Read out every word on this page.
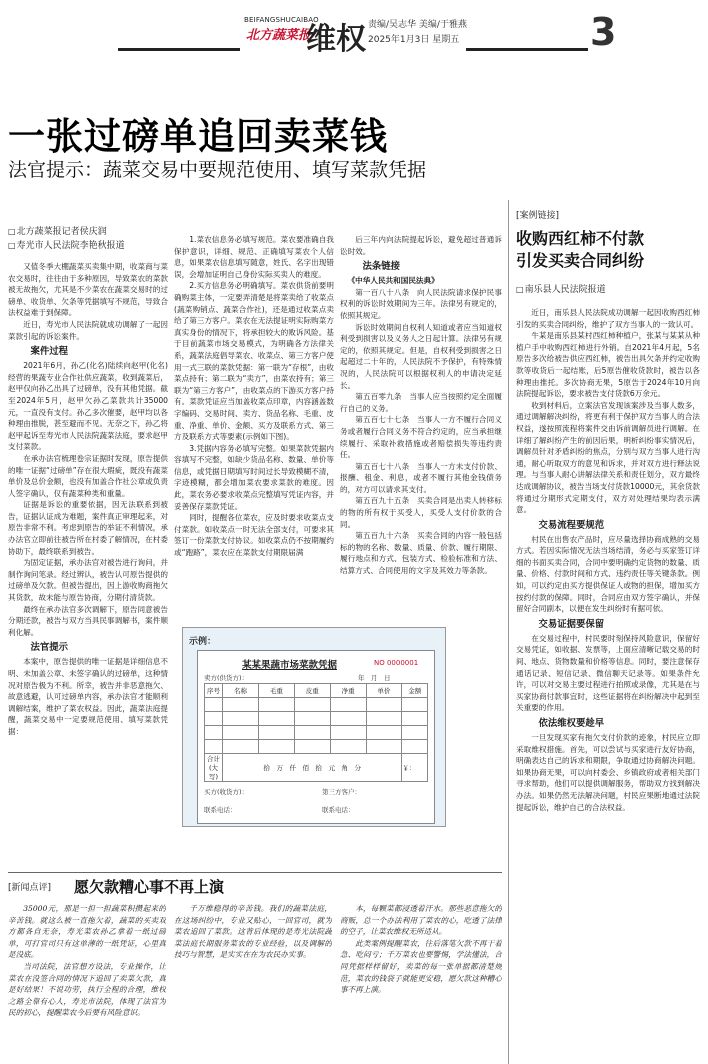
BEIFANGSHUCAIBAO
北方蔬菜报
维权 责编/吴志华 美编/于雅燕
2025年1月3日 星期五	3
一张过磅单追回卖菜钱
法官提示：蔬菜交易中要规范使用、填写菜款凭据
□ 北方蔬菜报记者侯庆润
□ 寿光市人民法院李艳秋报道

又值冬季大棚蔬菜买卖集中期，收菜商与菜农交易时，往往由于多种原因，导致菜农的菜款被无故拖欠，尤其是不少菜农在蔬菜交易时的过磅单、收货单、欠条等凭据填写不规范，导致合法权益难于到保障。

近日，寿光市人民法院就成功调解了一起因菜款引起的诉讼案件。

案件过程

2021年6月，孙乙(化名)陆续向赵甲(化名)经营的果蔬专业合作社供应蔬菜，收到蔬菜后，赵甲仅向孙乙出具了过磅单，没有其他凭据。截至2024年5月，赵甲欠孙乙菜款共计35000元，一直没有支付。孙乙多次催要，赵甲均以各种理由推脱，甚至避而不见。无奈之下，孙乙将赵甲起诉至寿光市人民法院蔬菜法庭，要求赵甲支付菜款。

在承办法官梳理卷宗证据时发现，原告提供的唯一证据“过磅单”存在很大瑕疵，既没有蔬菜单价及总价金额，也没有加盖合作社公章或负责人签字确认，仅有蔬菜种类和重量。

证据是诉讼的重要依据，因无法联系到被告，证据认证成为难题，案件真正审理起来，对原告非常不利。考虑到原告的举证不利情况，承办法官立即前往被告所在村委了解情况，在村委协助下，最终联系到被告。

为固定证据，承办法官对被告进行询问，并制作询问笔录。经过辨认，被告认可原告提供的过磅单及欠款。但被告提出，因上游收购商拖欠其货款，故未能与原告协商，分期付清货款。

最终在承办法官多次调解下，原告同意被告分期还款，被告与双方当具民事调解书，案件顺利化解。

法官提示

本案中，原告提供的唯一证据是详细信息不明、未加盖公章、未签字确认的过磅单，这种情况对原告极为不利。所幸，被告并非恶意拖欠、故意逃避，认可过磅单内容，承办法官才能顺利调解结案，维护了菜农权益。因此，蔬菜法庭提醒，蔬菜交易中一定要规范使用、填写菜款凭据：

1.菜农信息务必填写规范。菜农要准确自我保护意识，详细、规范、正确填写菜农个人信息，如果菜农信息填写随意，姓氏、名字出现错误，会增加证明自己身份实际买卖人的难度。

2.买方信息务必明确填写。菜农供货前要明确购菜主体，一定要弄清楚是将菜卖给了收菜点(蔬菜购销点、蔬菜合作社)，还是通过收菜点卖给了第三方客户。菜农在无法提证明实际购菜方真实身份的情况下，将承担较大的败诉风险。基于目前蔬菜市场交易模式，为明确各方法律关系，蔬菜法庭倡导菜农、收菜点、第三方客户使用一式三联的菜款凭据：第一联为“存根”，由收菜点持有；第二联为“卖方”，由菜农持有；第三联为“第三方客户”，由收菜点的下游买方客户持有。菜款凭证应当加盖收菜点印章，内容涵盖数字编码、交易时间、卖方、货品名称、毛重、皮重、净重、单价、金额、买方及联系方式、第三方及联系方式等要素(示例如下图)。

3.凭据内容务必填写完整。如果菜款凭据内容填写不完整，如缺少货品名称、数量、单价等信息，或凭据日期填写时间过长导致模糊不清，字迹模糊，都会增加菜农要求菜款的难度。因此，菜农务必要求收菜点完整填写凭证内容，并妥善保存菜款凭证。

同时，提醒各位菜农，应及时要求收菜点支付菜款。如收菜点一时无法全部支付，可要求其签订一份菜款支付协议。如收菜点仍不按期履约或“跑路”，菜农应在菜款支付期限届满

后三年内向法院提起诉讼，避免超过普通诉讼时效。

法条链接
《中华人民共和国民法典》

第一百八十八条　向人民法院请求保护民事权利的诉讼时效期间为三年。法律另有规定的，依照其规定。

诉讼时效期间自权利人知道或者应当知道权利受到损害以及义务人之日起计算。法律另有规定的，依照其规定。但是，自权利受到损害之日起超过二十年的，人民法院不予保护，有特殊情况的，人民法院可以根据权利人的申请决定延长。

第五百零九条　当事人应当按照约定全面履行自己的义务。

第五百七十七条　当事人一方不履行合同义务或者履行合同义务不符合约定的，应当承担继续履行、采取补救措施或者赔偿损失等违约责任。

第五百七十八条　当事人一方未支付价款、报酬、租金、利息，或者不履行其他金钱债务的，对方可以请求其支付。

第五百九十五条　买卖合同是出卖人转移标的物的所有权于买受人，买受人支付价款的合同。

第五百九十六条　买卖合同的内容一般包括标的物的名称、数量、质量、价款、履行期限、履行地点和方式、包装方式、检验标准和方法、结算方式、合同使用的文字及其效力等条款。

示例：
某某果蔬市场菜款凭据	NO 0000001
卖方(供货方)：	年　月　日
序号	名称	毛重	皮重	净重	单价	金额

合计(大写)	拾　万　仟　佰　拾　元　角　分					￥：
买方(收货方)：	第三方客户：
联系电话：	联系电话：
[案例链接]
收购西红柿不付款
引发买卖合同纠纷
□ 南乐县人民法院报道

近日，南乐县人民法院成功调解一起因收购西红柿引发的买卖合同纠纷，维护了双方当事人的一致认可。

牛某是南乐县某村西红柿种植户，张某与某某从种植户手中收购西红柿进行外销。自2021年4月起，5名原告多次给被告供应西红柿，被告出具欠条并约定收购款等收货后一起结账，后5原告催收货款时，被告以各种理由推托。多次协商无果，5原告于2024年10月向法院提起诉讼，要求被告支付货款6万余元。

收到材料后，立案法官发现该案涉及当事人数多，通过调解解决纠纷，将更有利于保护双方当事人的合法权益，遂按照流程将案件交由诉前调解员进行调解。在详细了解纠纷产生的前因后果，明析纠纷事实情况后，调解员针对矛盾纠纷的焦点，分别与双方当事人进行沟通，耐心听取双方的意见和诉求，并对双方进行释法说理。与当事人耐心讲解法律关系和责任划分，双方最终达成调解协议，被告当场支付货款10000元，其余货款将通过分期形式定期支付，双方对处理结果均表示满意。

交易流程要规范

村民在出售农产品时，应尽量选择协商成熟的交易方式。若因实际情况无法当场结清，务必与买家签订详细的书面买卖合同，合同中要明确约定货物的数量、质量、价格、付款时间和方式、违约责任等关键条款。例如，可以约定由买方提供保证人或物的担保，增加买方按约付款的保障。同时，合同应由双方签字确认，并保留好合同副本，以便在发生纠纷时有据可依。

交易证据要保留

在交易过程中，村民要时刻保持风险意识，保留好交易凭证，如收据、发票等，上面应清晰记载交易的时间、地点、货物数量和价格等信息。同时，要注意保存通话记录、短信记录、微信聊天记录等。如果条件允许，可以对交易主要过程进行拍照或录像，尤其是在与买家协商付款事宜时，这些证据将在纠纷解决中起到至关重要的作用。

依法维权要趁早

一旦发现买家有拖欠支付价款的迹象，村民应立即采取维权措施。首先，可以尝试与买家进行友好协商，明确表达自己的诉求和期限，争取通过协商解决问题。如果协商无果，可以向村委会、乡镇政府或者相关部门寻求帮助，他们可以提供调解服务，帮助双方找到解决办法。如果仍然无法解决问题，村民应果断地通过法院提起诉讼，维护自己的合法权益。

[新闻点评] 愿欠款糟心事不再上演

35000元，那是一担一担蔬菜积攒起来的辛苦钱。就这么被一直拖欠着，蔬菜的买卖双方都各自无奈，寿光菜农孙乙拿着一纸过磅单，可打官司只有这单薄的一纸凭证，心里真是没底。

当司法院，法官想方设法，专业操作，让菜农在没签合同的情况下追回了卖菜欠款，真是好结果！不说功劳，执行全程的合理，维权之路全靠有心人，寿光市法院，体现了法官为民的初心，提醒菜农今后要有风险意识。

千万维稳得的辛苦钱。我们的蔬菜法庭，在这场纠纷中，专业又贴心，一回官司，就为菜农追回了菜款。这背后体现的是寿光法院蔬菜法庭长期服务菜农的专业经验，以及调解的技巧与智慧，是实实在在为农民办实事。

本，每颗菜都浸透着汗水。那些恶意拖欠的商贩，总一个办法利用了菜农的心，吃透了法律的空子，让菜农维权无所适从。

此类案例提醒菜农，往后落笔欠款不再干着急、吃闷亏；千万菜农也要警惕，学法懂法，合同凭据样样留好，卖菜的每一张单据都清楚规范，菜农的钱袋子就能更安稳，愿欠款这种糟心事不再上演。
